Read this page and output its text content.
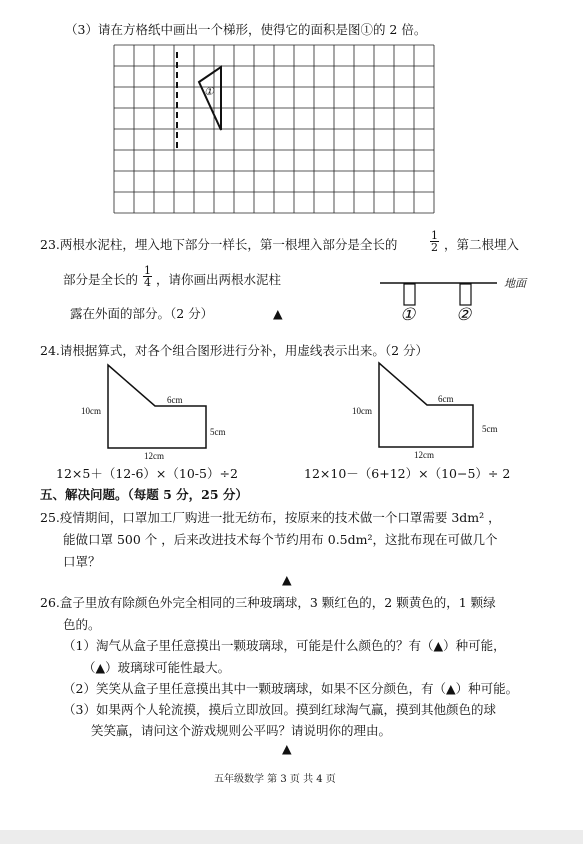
（3）请在方格纸中画出一个梯形，使得它的面积是图①的 2 倍。
①
23.两根水泥柱，埋入地下部分一样长，第一根埋入部分是全长的	$\frac{1}{2}$ ，第二根埋入
部分是全长的 $\frac{1}{4}$ ，请你画出两根水泥柱
露在外面的部分。（2 分）	▲
地面
① ②
24.请根据算式，对各个组合图形进行分补，用虚线表示出来。（2 分）
10cm
6cm
5cm
12cm
10cm
6cm
5cm
12cm
12×5＋（12-6）×（10-5）÷2	12×10－（6+12）×（10−5）÷ 2
五、解决问题。（每题 5 分，25 分）
25.疫情期间，口罩加工厂购进一批无纺布，按原来的技术做一个口罩需要 3dm² ，
能做口罩 500 个 ，后来改进技术每个节约用布 0.5dm²，这批布现在可做几个
口罩？
▲
26.盒子里放有除颜色外完全相同的三种玻璃球，3 颗红色的，2 颗黄色的，1 颗绿
色的。
（1）淘气从盒子里任意摸出一颗玻璃球，可能是什么颜色的？有（▲）种可能，
（▲）玻璃球可能性最大。
（2）笑笑从盒子里任意摸出其中一颗玻璃球，如果不区分颜色，有（▲）种可能。
（3）如果两个人轮流摸，摸后立即放回。摸到红球淘气赢，摸到其他颜色的球
笑笑赢，请问这个游戏规则公平吗？请说明你的理由。
▲
五年级数学 第 3 页 共 4 页
